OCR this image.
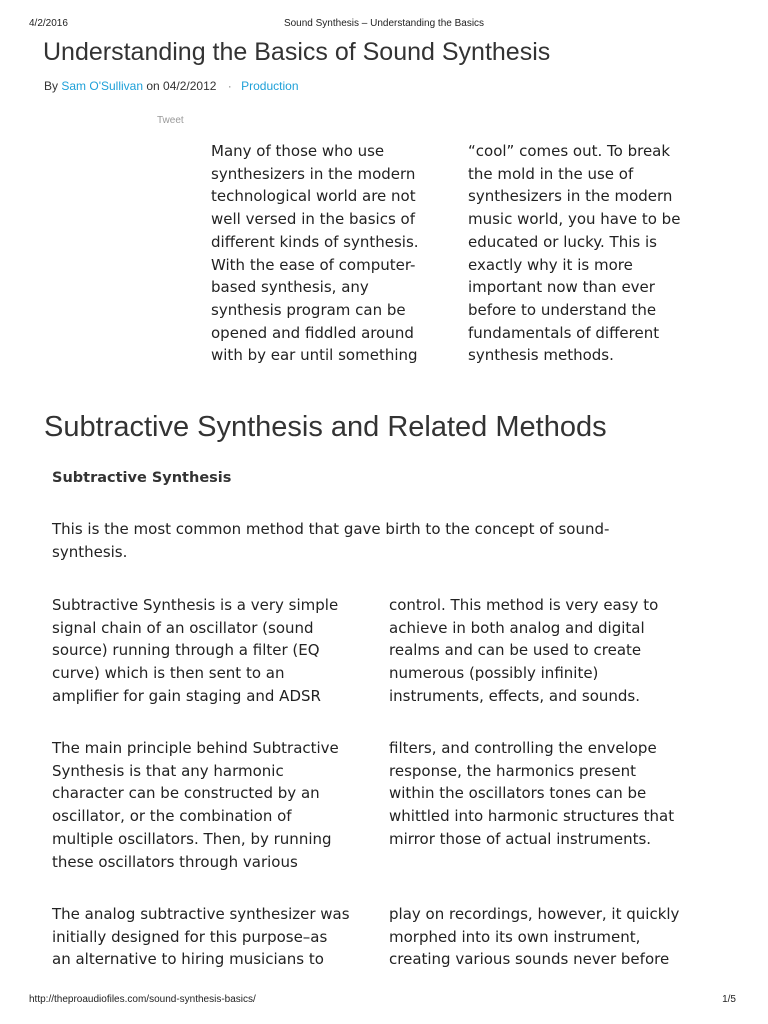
4/2/2016	Sound Synthesis – Understanding the Basics
Understanding the Basics of Sound Synthesis
By Sam O'Sullivan on 04/2/2012 · Production
Tweet
Many of those who use
synthesizers in the modern
technological world are not
well versed in the basics of
different kinds of synthesis.
With the ease of computer-
based synthesis, any
synthesis program can be
opened and fiddled around
with by ear until something
“cool” comes out. To break
the mold in the use of
synthesizers in the modern
music world, you have to be
educated or lucky. This is
exactly why it is more
important now than ever
before to understand the
fundamentals of different
synthesis methods.
Subtractive Synthesis and Related Methods
Subtractive Synthesis
This is the most common method that gave birth to the concept of sound-
synthesis.
Subtractive Synthesis is a very simple
signal chain of an oscillator (sound
source) running through a filter (EQ
curve) which is then sent to an
amplifier for gain staging and ADSR
control. This method is very easy to
achieve in both analog and digital
realms and can be used to create
numerous (possibly infinite)
instruments, effects, and sounds.
The main principle behind Subtractive
Synthesis is that any harmonic
character can be constructed by an
oscillator, or the combination of
multiple oscillators. Then, by running
these oscillators through various
filters, and controlling the envelope
response, the harmonics present
within the oscillators tones can be
whittled into harmonic structures that
mirror those of actual instruments.
The analog subtractive synthesizer was
initially designed for this purpose–as
an alternative to hiring musicians to
play on recordings, however, it quickly
morphed into its own instrument,
creating various sounds never before
http://theproaudiofiles.com/sound-synthesis-basics/	1/5
